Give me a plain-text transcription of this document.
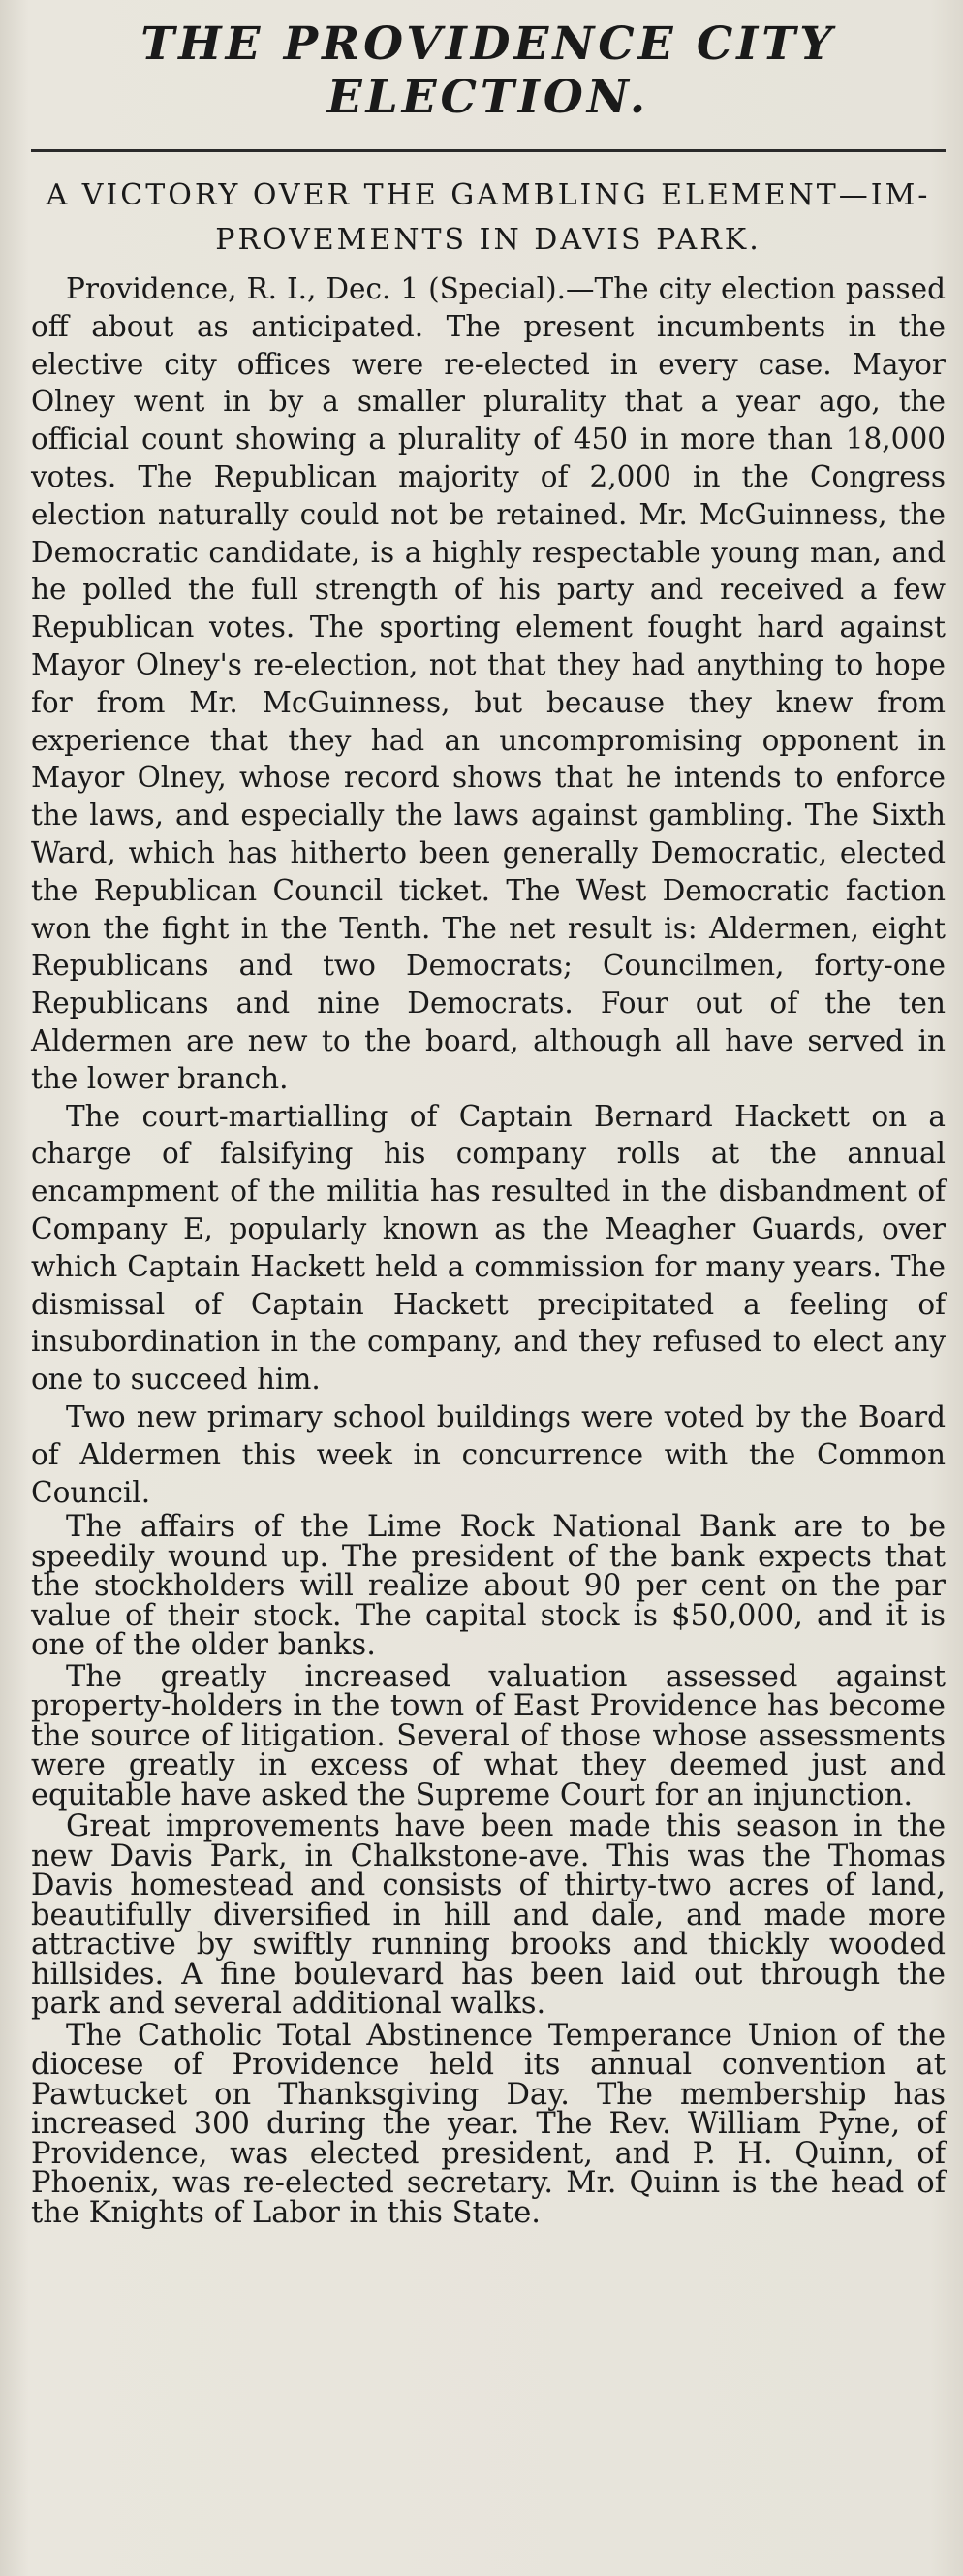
THE PROVIDENCE CITY ELECTION.
A VICTORY OVER THE GAMBLING ELEMENT—IM-
PROVEMENTS IN DAVIS PARK.

Providence, R. I., Dec. 1 (Special).—The city election passed off about as anticipated. The present incumbents in the elective city offices were re-elected in every case. Mayor Olney went in by a smaller plurality that a year ago, the official count showing a plurality of 450 in more than 18,000 votes. The Republican majority of 2,000 in the Congress election naturally could not be retained. Mr. McGuinness, the Democratic candidate, is a highly respectable young man, and he polled the full strength of his party and received a few Republican votes. The sporting element fought hard against Mayor Olney's re-election, not that they had anything to hope for from Mr. McGuinness, but because they knew from experience that they had an uncompromising opponent in Mayor Olney, whose record shows that he intends to enforce the laws, and especially the laws against gambling. The Sixth Ward, which has hitherto been generally Democratic, elected the Republican Council ticket. The West Democratic faction won the fight in the Tenth. The net result is: Aldermen, eight Republicans and two Democrats; Councilmen, forty-one Republicans and nine Democrats. Four out of the ten Aldermen are new to the board, although all have served in the lower branch.

The court-martialling of Captain Bernard Hackett on a charge of falsifying his company rolls at the annual encampment of the militia has resulted in the disbandment of Company E, popularly known as the Meagher Guards, over which Captain Hackett held a commission for many years. The dismissal of Captain Hackett precipitated a feeling of insubordination in the company, and they refused to elect any one to succeed him.

Two new primary school buildings were voted by the Board of Aldermen this week in concurrence with the Common Council.

The affairs of the Lime Rock National Bank are to be speedily wound up. The president of the bank expects that the stockholders will realize about 90 per cent on the par value of their stock. The capital stock is $50,000, and it is one of the older banks.

The greatly increased valuation assessed against property-holders in the town of East Providence has become the source of litigation. Several of those whose assessments were greatly in excess of what they deemed just and equitable have asked the Supreme Court for an injunction.

Great improvements have been made this season in the new Davis Park, in Chalkstone-ave. This was the Thomas Davis homestead and consists of thirty-two acres of land, beautifully diversified in hill and dale, and made more attractive by swiftly running brooks and thickly wooded hillsides. A fine boulevard has been laid out through the park and several additional walks.

The Catholic Total Abstinence Temperance Union of the diocese of Providence held its annual convention at Pawtucket on Thanksgiving Day. The membership has increased 300 during the year. The Rev. William Pyne, of Providence, was elected president, and P. H. Quinn, of Phoenix, was re-elected secretary. Mr. Quinn is the head of the Knights of Labor in this State.
